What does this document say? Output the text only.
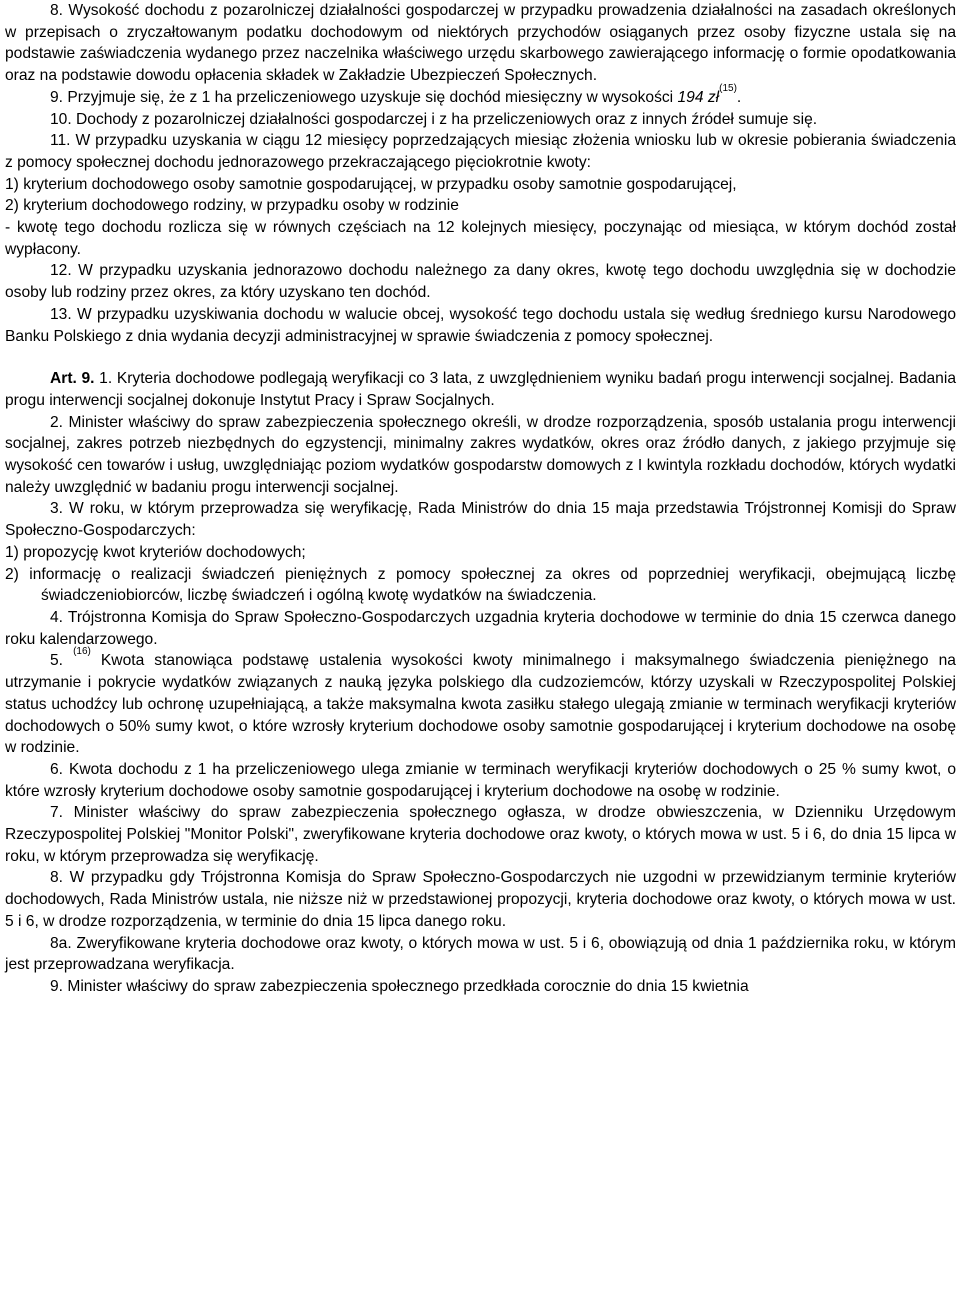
8. Wysokość dochodu z pozarolniczej działalności gospodarczej w przypadku prowadzenia działalności na zasadach określonych w przepisach o zryczałtowanym podatku dochodowym od niektórych przychodów osiąganych przez osoby fizyczne ustala się na podstawie zaświadczenia wydanego przez naczelnika właściwego urzędu skarbowego zawierającego informację o formie opodatkowania oraz na podstawie dowodu opłacenia składek w Zakładzie Ubezpieczeń Społecznych.

9. Przyjmuje się, że z 1 ha przeliczeniowego uzyskuje się dochód miesięczny w wysokości 194 $zł^{(15)}$.

10. Dochody z pozarolniczej działalności gospodarczej i z ha przeliczeniowych oraz z innych źródeł sumuje się.

11. W przypadku uzyskania w ciągu 12 miesięcy poprzedzających miesiąc złożenia wniosku lub w okresie pobierania świadczenia z pomocy społecznej dochodu jednorazowego przekraczającego pięciokrotnie kwoty:

1) kryterium dochodowego osoby samotnie gospodarującej, w przypadku osoby samotnie gospodarującej,

2) kryterium dochodowego rodziny, w przypadku osoby w rodzinie

- kwotę tego dochodu rozlicza się w równych częściach na 12 kolejnych miesięcy, poczynając od miesiąca, w którym dochód został wypłacony.

12. W przypadku uzyskania jednorazowo dochodu należnego za dany okres, kwotę tego dochodu uwzględnia się w dochodzie osoby lub rodziny przez okres, za który uzyskano ten dochód.

13. W przypadku uzyskiwania dochodu w walucie obcej, wysokość tego dochodu ustala się według średniego kursu Narodowego Banku Polskiego z dnia wydania decyzji administracyjnej w sprawie świadczenia z pomocy społecznej.

Art. 9. 1. Kryteria dochodowe podlegają weryfikacji co 3 lata, z uwzględnieniem wyniku badań progu interwencji socjalnej. Badania progu interwencji socjalnej dokonuje Instytut Pracy i Spraw Socjalnych.

2. Minister właściwy do spraw zabezpieczenia społecznego określi, w drodze rozporządzenia, sposób ustalania progu interwencji socjalnej, zakres potrzeb niezbędnych do egzystencji, minimalny zakres wydatków, okres oraz źródło danych, z jakiego przyjmuje się wysokość cen towarów i usług, uwzględniając poziom wydatków gospodarstw domowych z I kwintyla rozkładu dochodów, których wydatki należy uwzględnić w badaniu progu interwencji socjalnej.

3. W roku, w którym przeprowadza się weryfikację, Rada Ministrów do dnia 15 maja przedstawia Trójstronnej Komisji do Spraw Społeczno-Gospodarczych:

1) propozycję kwot kryteriów dochodowych;

2) informację o realizacji świadczeń pieniężnych z pomocy społecznej za okres od poprzedniej weryfikacji, obejmującą liczbę świadczeniobiorców, liczbę świadczeń i ogólną kwotę wydatków na świadczenia.

4. Trójstronna Komisja do Spraw Społeczno-Gospodarczych uzgadnia kryteria dochodowe w terminie do dnia 15 czerwca danego roku kalendarzowego.

5. $^{(16)}$ Kwota stanowiąca podstawę ustalenia wysokości kwoty minimalnego i maksymalnego świadczenia pieniężnego na utrzymanie i pokrycie wydatków związanych z nauką języka polskiego dla cudzoziemców, którzy uzyskali w Rzeczypospolitej Polskiej status uchodźcy lub ochronę uzupełniającą, a także maksymalna kwota zasiłku stałego ulegają zmianie w terminach weryfikacji kryteriów dochodowych o 50% sumy kwot, o które wzrosły kryterium dochodowe osoby samotnie gospodarującej i kryterium dochodowe na osobę w rodzinie.

6. Kwota dochodu z 1 ha przeliczeniowego ulega zmianie w terminach weryfikacji kryteriów dochodowych o 25 % sumy kwot, o które wzrosły kryterium dochodowe osoby samotnie gospodarującej i kryterium dochodowe na osobę w rodzinie.

7. Minister właściwy do spraw zabezpieczenia społecznego ogłasza, w drodze obwieszczenia, w Dzienniku Urzędowym Rzeczypospolitej Polskiej "Monitor Polski", zweryfikowane kryteria dochodowe oraz kwoty, o których mowa w ust. 5 i 6, do dnia 15 lipca w roku, w którym przeprowadza się weryfikację.

8. W przypadku gdy Trójstronna Komisja do Spraw Społeczno-Gospodarczych nie uzgodni w przewidzianym terminie kryteriów dochodowych, Rada Ministrów ustala, nie niższe niż w przedstawionej propozycji, kryteria dochodowe oraz kwoty, o których mowa w ust. 5 i 6, w drodze rozporządzenia, w terminie do dnia 15 lipca danego roku.

8a. Zweryfikowane kryteria dochodowe oraz kwoty, o których mowa w ust. 5 i 6, obowiązują od dnia 1 października roku, w którym jest przeprowadzana weryfikacja.

9. Minister właściwy do spraw zabezpieczenia społecznego przedkłada corocznie do dnia 15 kwietnia
